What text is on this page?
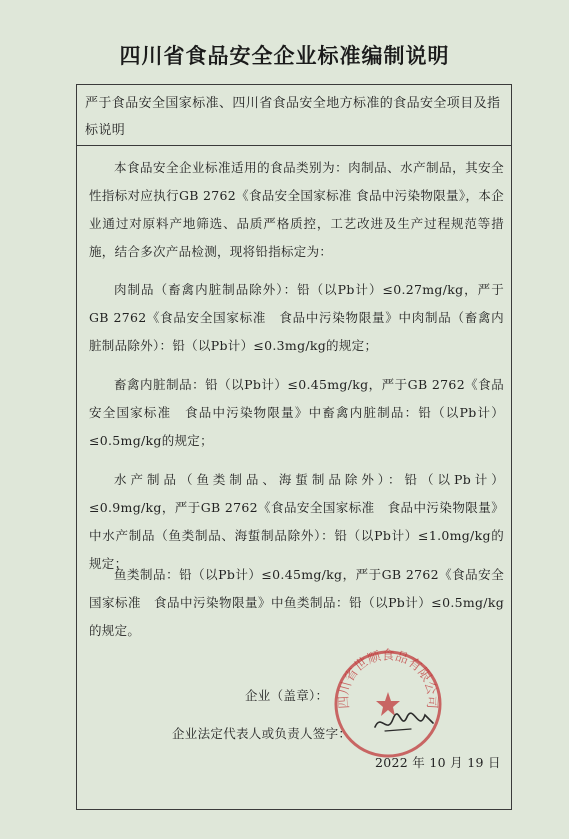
四川省食品安全企业标准编制说明

严于食品安全国家标准、四川省食品安全地方标准的食品安全项目及指标说明

本食品安全企业标准适用的食品类别为：肉制品、水产制品，其安全性指标对应执行GB 2762《食品安全国家标准 食品中污染物限量》，本企业通过对原料产地筛选、品质严格质控，工艺改进及生产过程规范等措施，结合多次产品检测，现将铅指标定为：

肉制品（畜禽内脏制品除外）：铅（以Pb计）≤0.27mg/kg，严于GB 2762《食品安全国家标准　食品中污染物限量》中肉制品（畜禽内脏制品除外）：铅（以Pb计）≤0.3mg/kg的规定；

畜禽内脏制品：铅（以Pb计）≤0.45mg/kg，严于GB 2762《食品安全国家标准　食品中污染物限量》中畜禽内脏制品：铅（以Pb计）≤0.5mg/kg的规定；

水产制品（鱼类制品、海蜇制品除外）：铅（以Pb计）≤0.9mg/kg，严于GB 2762《食品安全国家标准　食品中污染物限量》中水产制品（鱼类制品、海蜇制品除外）：铅（以Pb计）≤1.0mg/kg的规定；

鱼类制品：铅（以Pb计）≤0.45mg/kg，严于GB 2762《食品安全国家标准　食品中污染物限量》中鱼类制品：铅（以Pb计）≤0.5mg/kg的规定。

企业（盖章）：

企业法定代表人或负责人签字：

2022 年 10 月 19 日

四川省世顺食品有限公司
